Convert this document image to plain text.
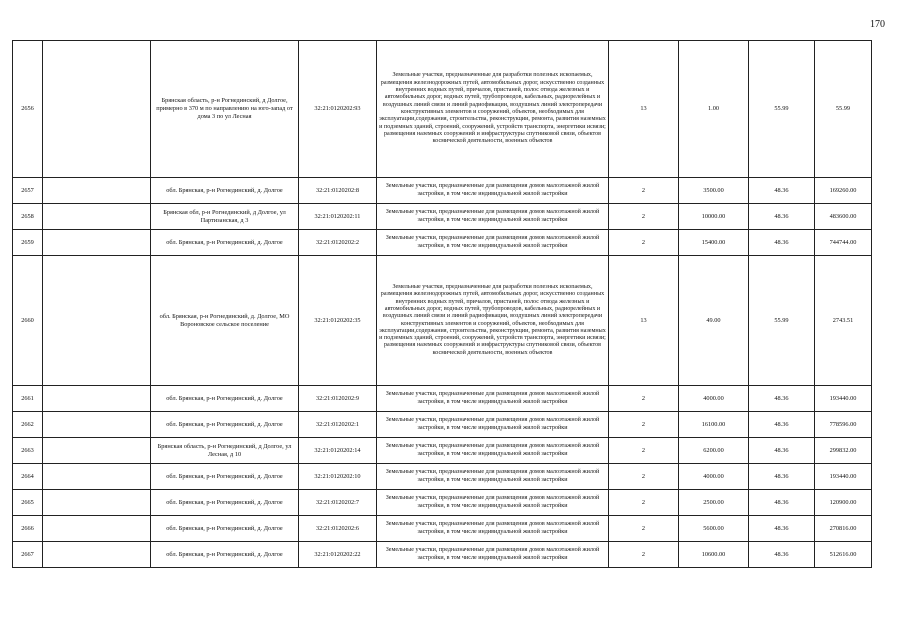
170
2656		Брянская область, р-н Рогнединский, д Долгое, примерно в 370 м по направлению на юго-запад от дома 3 по ул Лесная	32:21:0120202:93	Земельные участки, предназначенные для разработки полезных ископаемых, размещения железнодорожных путей, автомобильных дорог, искусственно созданных внутренних водных путей, причалов, пристаней, полос отвода железных и автомобильных дорог, водных путей, трубопроводов, кабельных, радиорелейных и воздушных линий связи и линий радиофикации, воздушных линий электропередачи конструктивных элементов и сооружений, объектов, необходимых для эксплуатации,содержания, строительства, реконструкции, ремонта, развития наземных и подземных зданий, строений, сооружений, устройств транспорта, энергетики исвязи; размещения наземных сооружений и инфраструктуры спутниковой связи, объектов космической деятельности, военных объектов	13	1.00	55.99	55.99
2657		обл. Брянская, р-н Рогнединский, д. Долгое	32:21:0120202:8	Земельные участки, предназначенные для размещения домов малоэтажной жилой застройки, в том числе индивидуальной жилой застройки	2	3500.00	48.36	169260.00
2658		Брянская обл, р-н Рогнединский, д Долгое, ул Партизанская, д 3	32:21:0120202:11	Земельные участки, предназначенные для размещения домов малоэтажной жилой застройки, в том числе индивидуальной жилой застройки	2	10000.00	48.36	483600.00
2659		обл. Брянская, р-н Рогнединский, д. Долгое	32:21:0120202:2	Земельные участки, предназначенные для размещения домов малоэтажной жилой застройки, в том числе индивидуальной жилой застройки	2	15400.00	48.36	744744.00
2660		обл. Брянская, р-н Рогнединский, д. Долгое, МО Вороновское сельское поселение	32:21:0120202:35	Земельные участки, предназначенные для разработки полезных ископаемых, размещения железнодорожных путей, автомобильных дорог, искусственно созданных внутренних водных путей, причалов, пристаней, полос отвода железных и автомобильных дорог, водных путей, трубопроводов, кабельных, радиорелейных и воздушных линий связи и линий радиофикации, воздушных линий электропередачи конструктивных элементов и сооружений, объектов, необходимых для эксплуатации,содержания, строительства, реконструкции, ремонта, развития наземных и подземных зданий, строений, сооружений, устройств транспорта, энергетики исвязи; размещения наземных сооружений и инфраструктуры спутниковой связи, объектов космической деятельности, военных объектов	13	49.00	55.99	2743.51
2661		обл. Брянская, р-н Рогнединский, д. Долгое	32:21:0120202:9	Земельные участки, предназначенные для размещения домов малоэтажной жилой застройки, в том числе индивидуальной жилой застройки	2	4000.00	48.36	193440.00
2662		обл. Брянская, р-н Рогнединский, д. Долгое	32:21:0120202:1	Земельные участки, предназначенные для размещения домов малоэтажной жилой застройки, в том числе индивидуальной жилой застройки	2	16100.00	48.36	778596.00
2663		Брянская область, р-н Рогнединский, д Долгое, ул Лесная, д 10	32:21:0120202:14	Земельные участки, предназначенные для размещения домов малоэтажной жилой застройки, в том числе индивидуальной жилой застройки	2	6200.00	48.36	299832.00
2664		обл. Брянская, р-н Рогнединский, д. Долгое	32:21:0120202:10	Земельные участки, предназначенные для размещения домов малоэтажной жилой застройки, в том числе индивидуальной жилой застройки	2	4000.00	48.36	193440.00
2665		обл. Брянская, р-н Рогнединский, д. Долгое	32:21:0120202:7	Земельные участки, предназначенные для размещения домов малоэтажной жилой застройки, в том числе индивидуальной жилой застройки	2	2500.00	48.36	120900.00
2666		обл. Брянская, р-н Рогнединский, д. Долгое	32:21:0120202:6	Земельные участки, предназначенные для размещения домов малоэтажной жилой застройки, в том числе индивидуальной жилой застройки	2	5600.00	48.36	270816.00
2667		обл. Брянская, р-н Рогнединский, д. Долгое	32:21:0120202:22	Земельные участки, предназначенные для размещения домов малоэтажной жилой застройки, в том числе индивидуальной жилой застройки	2	10600.00	48.36	512616.00
